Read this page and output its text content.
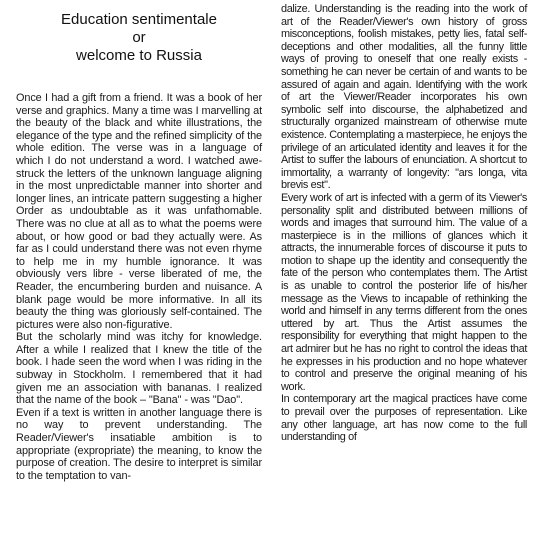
Education sentimentale
or
welcome to Russia

Once I had a gift from a friend. It was a book of her verse and graphics. Many a time was I marvelling at the beauty of the black and white illustrations, the elegance of the type and the refined simplicity of the whole edition. The verse was in a language of which I do not understand a word. I watched awe-struck the letters of the unknown language aligning in the most unpredictable manner into shorter and longer lines, an intricate pattern suggesting a higher Order as undoubtable as it was unfathomable. There was no clue at all as to what the poems were about, or how good or bad they actually were. As far as I could understand there was not even rhyme to help me in my humble ignorance. It was obviously vers libre - verse liberated of me, the Reader, the encumbering burden and nuisance. A blank page would be more informative. In all its beauty the thing was gloriously self-contained. The pictures were also non-figurative.

But the scholarly mind was itchy for knowledge. After a while I realized that I knew the title of the book. I hade seen the word when I was riding in the subway in Stockholm. I remembered that it had given me an association with bananas. I realized that the name of the book – "Bana" - was "Dao".

Even if a text is written in another language there is no way to prevent understanding. The Reader/Viewer's insatiable ambition is to appropriate (expropriate) the meaning, to know the purpose of creation. The desire to interpret is similar to the temptation to van-

dalize. Understanding is the reading into the work of art of the Reader/Viewer's own history of gross misconceptions, foolish mistakes, petty lies, fatal self-deceptions and other modalities, all the funny little ways of proving to oneself that one really exists - something he can never be certain of and wants to be assured of again and again. Identifying with the work of art the Viewer/Reader incorporates his own symbolic self into discourse, the alphabetized and structurally organized mainstream of otherwise mute existence. Contemplating a masterpiece, he enjoys the privilege of an articulated identity and leaves it for the Artist to suffer the labours of enunciation. A shortcut to immortality, a warranty of longevity: "ars longa, vita brevis est".

Every work of art is infected with a germ of its Viewer's personality split and distributed between millions of words and images that surround him. The value of a masterpiece is in the millions of glances which it attracts, the innumerable forces of discourse it puts to motion to shape up the identity and consequently the fate of the person who contemplates them. The Artist is as unable to control the posterior life of his/her message as the Views to incapable of rethinking the world and himself in any terms different from the ones uttered by art. Thus the Artist assumes the responsibility for everything that might happen to the art admirer but he has no right to control the ideas that he expresses in his production and no hope whatever to control and preserve the original meaning of his work.

In contemporary art the magical practices have come to prevail over the purposes of representation. Like any other language, art has now come to the full understanding of
